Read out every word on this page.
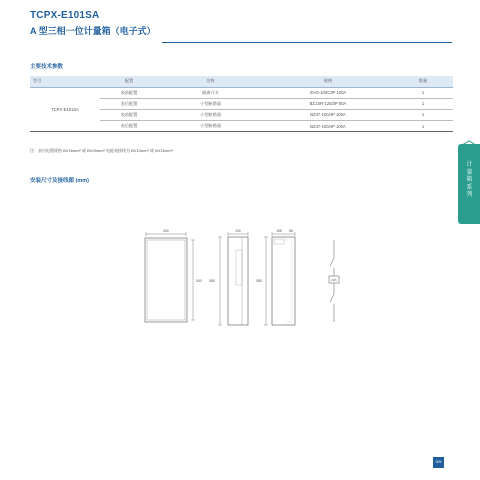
TCPX-E101SA
A 型三相一位计量箱（电子式）
主要技术参数
型号	配置	名称	规格	数量
TCPX-E101SA	表前配置	隔离开关	XHG-100C3P 100A	1
	表后配置	小型断路器	BZ1SR-125/3P 80A	1
	表前配置	小型断路器	BZ47-100/4P 100A	1
	表后配置	小型断路器	BZ47-100/4P 100A	1
注：表内电缆规格 BV16mm² 或 BV25mm² 电能表接线为 BV10mm² 或 BV16mm²
安装尺寸及接线图 (mm)
260
540
130
580
155 86
580	kWh
计量箱系列
009
